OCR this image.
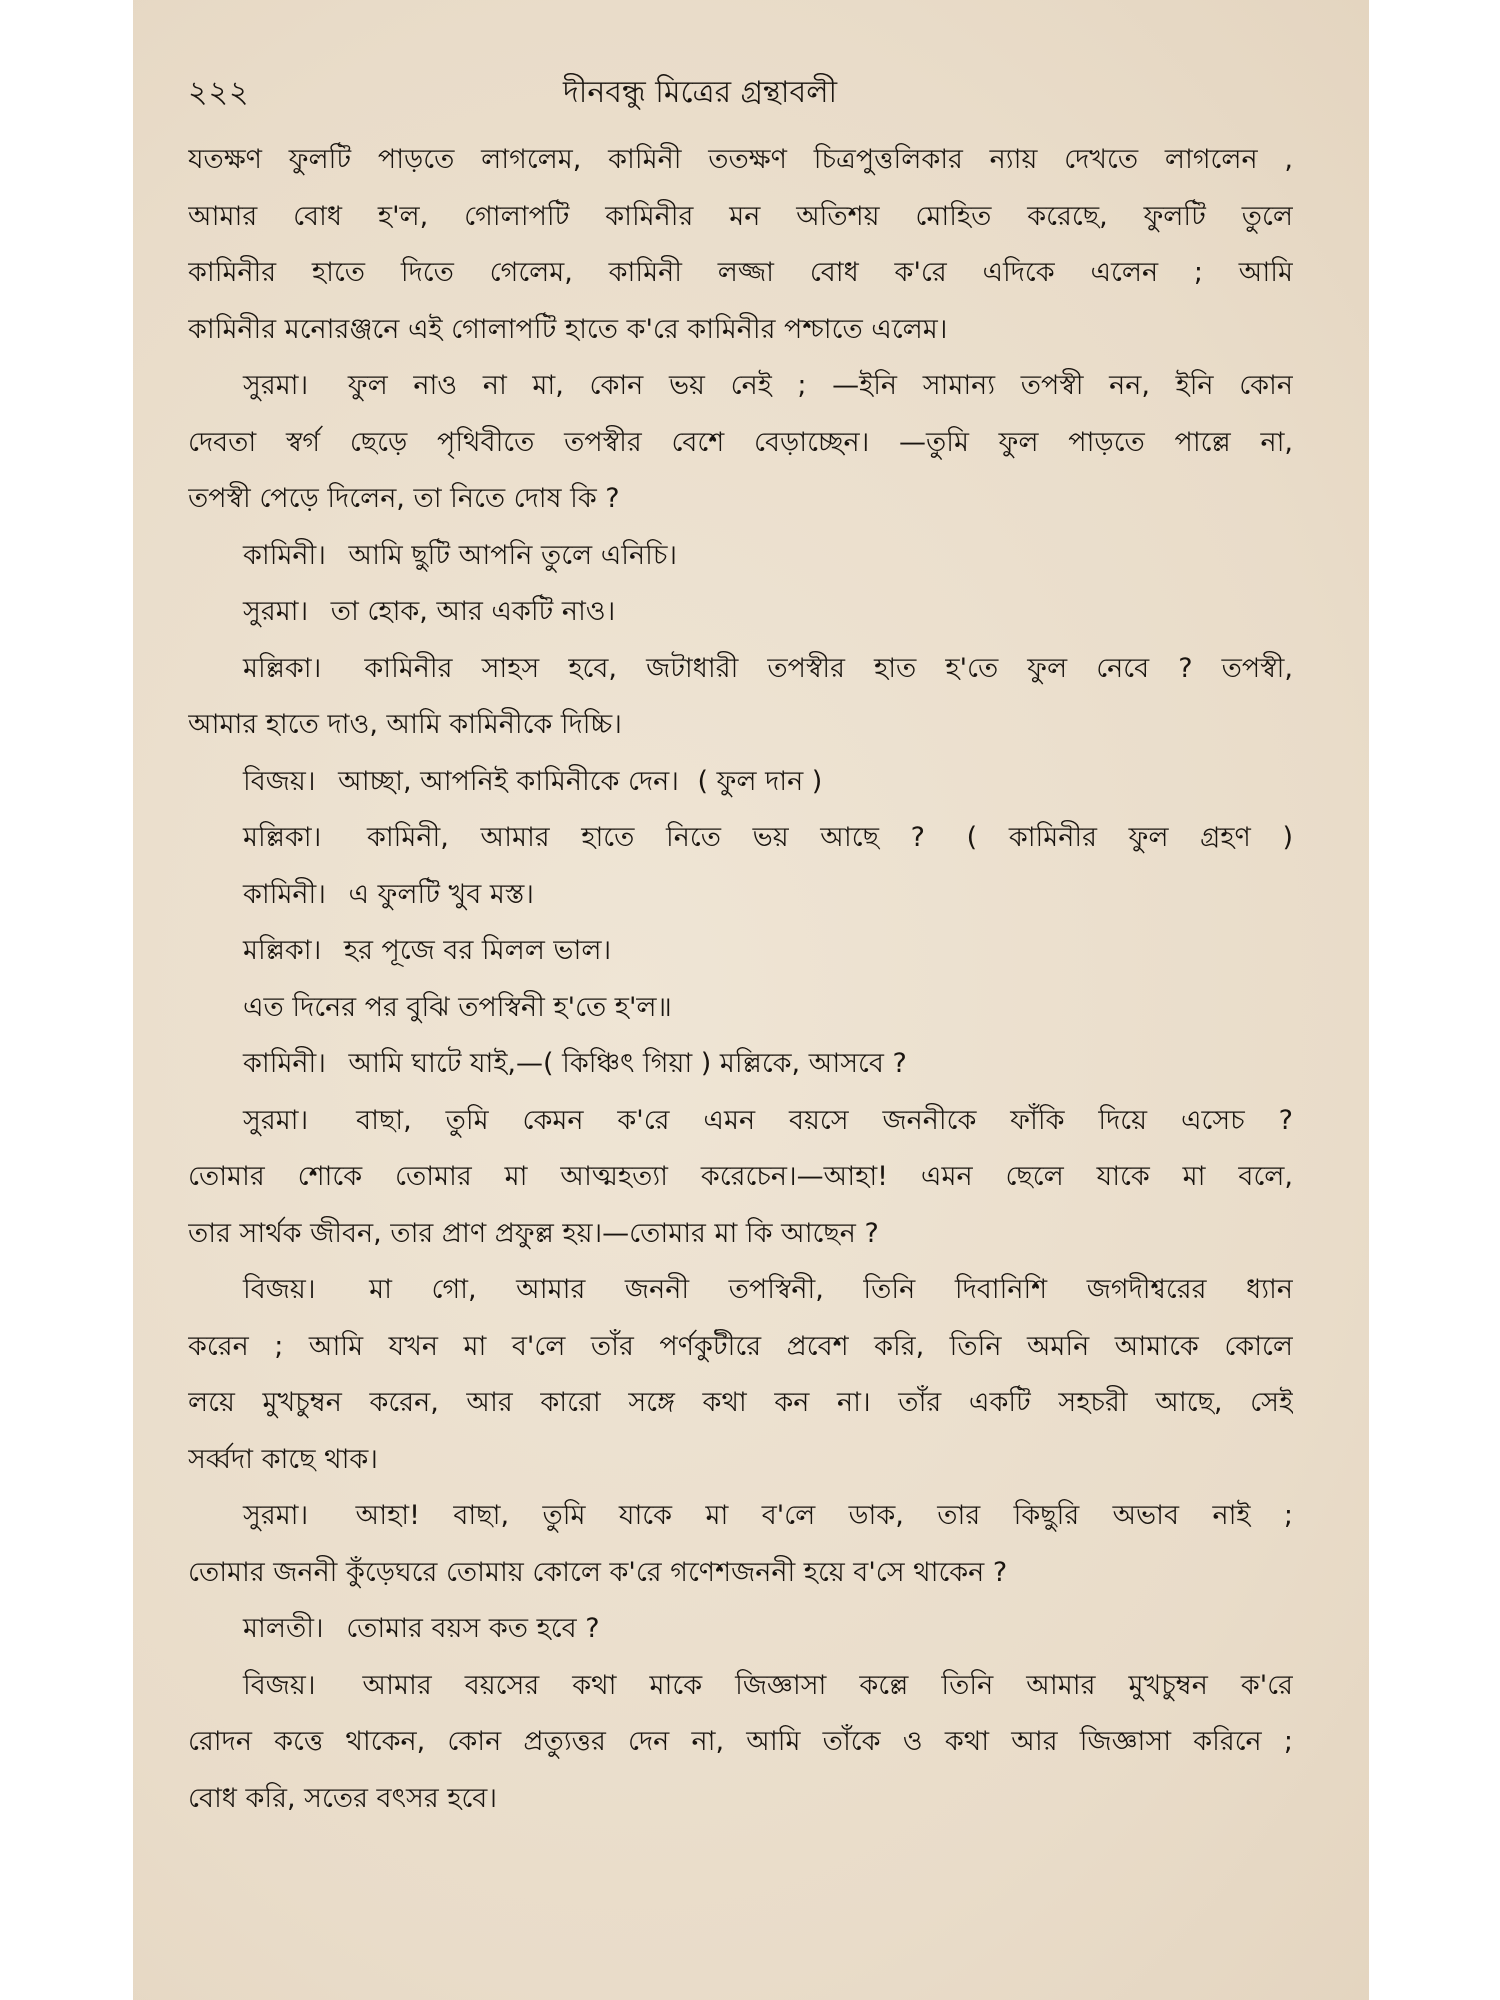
২২২	দীনবন্ধু মিত্রের গ্রন্থাবলী
যতক্ষণ ফুলটি পাড়তে লাগলেম, কামিনী ততক্ষণ চিত্রপুত্তলিকার ন্যায় দেখতে লাগলেন ,
আমার বোধ হ'ল, গোলাপটি কামিনীর মন অতিশয় মোহিত করেছে, ফুলটি তুলে
কামিনীর হাতে দিতে গেলেম, কামিনী লজ্জা বোধ ক'রে এদিকে এলেন ; আমি
কামিনীর মনোরঞ্জনে এই গোলাপটি হাতে ক'রে কামিনীর পশ্চাতে এলেম।
সুরমা। ফুল নাও না মা, কোন ভয় নেই ; —ইনি সামান্য তপস্বী নন, ইনি কোন
দেবতা স্বর্গ ছেড়ে পৃথিবীতে তপস্বীর বেশে বেড়াচ্ছেন। —তুমি ফুল পাড়তে পাল্লে না,
তপস্বী পেড়ে দিলেন, তা নিতে দোষ কি ?
কামিনী। আমি ছুটি আপনি তুলে এনিচি।
সুরমা। তা হোক, আর একটি নাও।
মল্লিকা। কামিনীর সাহস হবে, জটাধারী তপস্বীর হাত হ'তে ফুল নেবে ? তপস্বী,
আমার হাতে দাও, আমি কামিনীকে দিচ্চি।
বিজয়। আচ্ছা, আপনিই কামিনীকে দেন। ( ফুল দান )
মল্লিকা। কামিনী, আমার হাতে নিতে ভয় আছে ? ( কামিনীর ফুল গ্রহণ )
কামিনী। এ ফুলটি খুব মস্ত।
মল্লিকা। হর পূজে বর মিলল ভাল।
এত দিনের পর বুঝি তপস্বিনী হ'তে হ'ল॥
কামিনী। আমি ঘাটে যাই,—( কিঞ্চিৎ গিয়া ) মল্লিকে, আসবে ?
সুরমা। বাছা, তুমি কেমন ক'রে এমন বয়সে জননীকে ফাঁকি দিয়ে এসেচ ?
তোমার শোকে তোমার মা আত্মহত্যা করেচেন।—আহা! এমন ছেলে যাকে মা বলে,
তার সার্থক জীবন, তার প্রাণ প্রফুল্ল হয়।—তোমার মা কি আছেন ?
বিজয়। মা গো, আমার জননী তপস্বিনী, তিনি দিবানিশি জগদীশ্বরের ধ্যান
করেন ; আমি যখন মা ব'লে তাঁর পর্ণকুটীরে প্রবেশ করি, তিনি অমনি আমাকে কোলে
লয়ে মুখচুম্বন করেন, আর কারো সঙ্গে কথা কন না। তাঁর একটি সহচরী আছে, সেই
সর্ব্বদা কাছে থাক।
সুরমা। আহা! বাছা, তুমি যাকে মা ব'লে ডাক, তার কিছুরি অভাব নাই ;
তোমার জননী কুঁড়েঘরে তোমায় কোলে ক'রে গণেশজননী হয়ে ব'সে থাকেন ?
মালতী। তোমার বয়স কত হবে ?
বিজয়। আমার বয়সের কথা মাকে জিজ্ঞাসা কল্লে তিনি আমার মুখচুম্বন ক'রে
রোদন কত্তে থাকেন, কোন প্রত্যুত্তর দেন না, আমি তাঁকে ও কথা আর জিজ্ঞাসা করিনে ;
বোধ করি, সতের বৎসর হবে।
